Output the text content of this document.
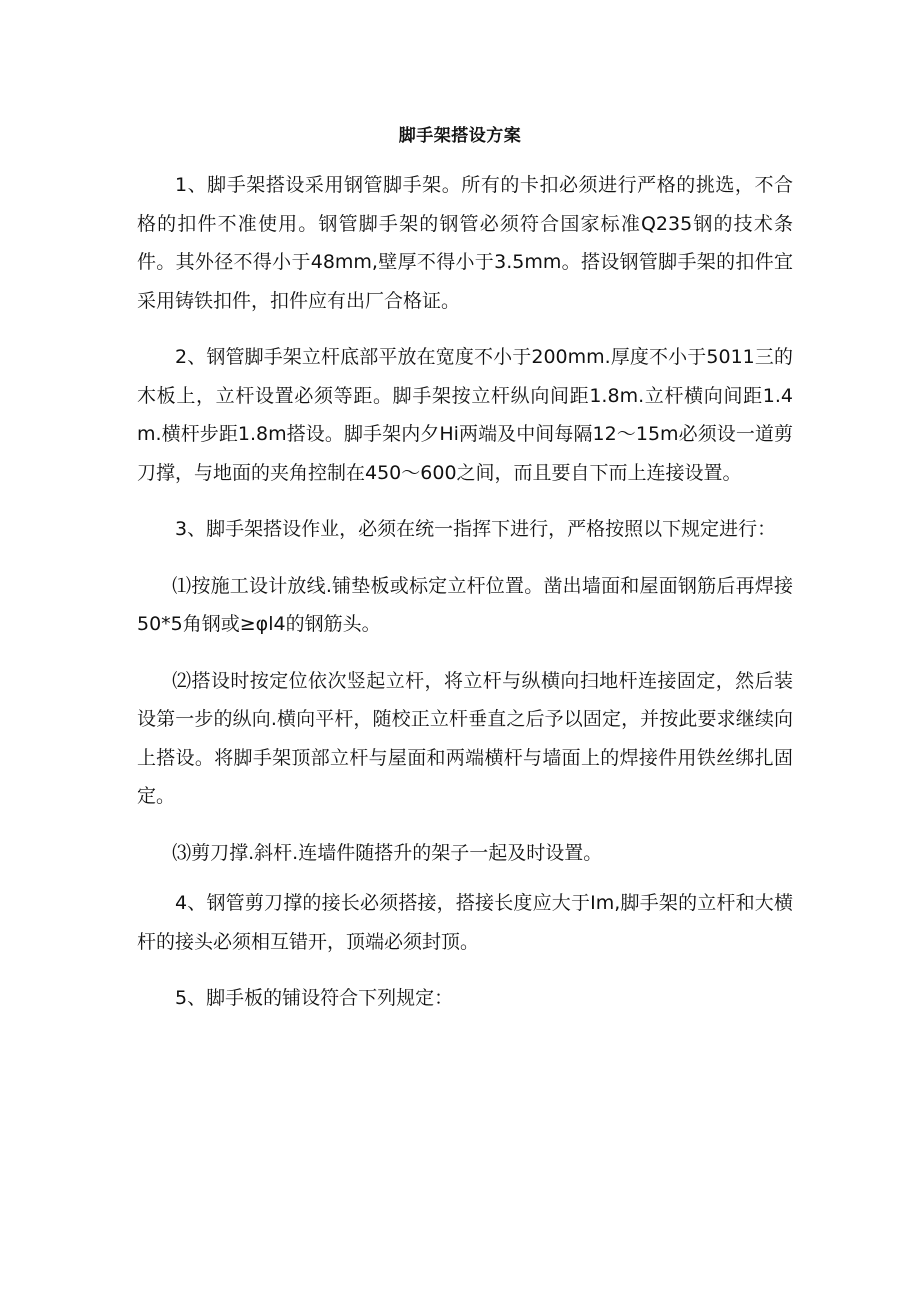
脚手架搭设方案

1、脚手架搭设采用钢管脚手架。所有的卡扣必须进行严格的挑选，不合格的扣件不准使用。钢管脚手架的钢管必须符合国家标准Q235钢的技术条件。其外径不得小于48mm,壁厚不得小于3.5mm。搭设钢管脚手架的扣件宜采用铸铁扣件，扣件应有出厂合格证。

2、钢管脚手架立杆底部平放在宽度不小于200mm.厚度不小于5011三的木板上，立杆设置必须等距。脚手架按立杆纵向间距1.8m.立杆横向间距1.4m.横杆步距1.8m搭设。脚手架内夕Hi两端及中间每隔12〜15m必须设一道剪刀撑，与地面的夹角控制在450〜600之间，而且要自下而上连接设置。

3、脚手架搭设作业，必须在统一指挥下进行，严格按照以下规定进行：

⑴按施工设计放线.铺垫板或标定立杆位置。凿出墙面和屋面钢筋后再焊接50*5角钢或≥φl4的钢筋头。

⑵搭设时按定位依次竖起立杆，将立杆与纵横向扫地杆连接固定，然后装设第一步的纵向.横向平杆，随校正立杆垂直之后予以固定，并按此要求继续向上搭设。将脚手架顶部立杆与屋面和两端横杆与墙面上的焊接件用铁丝绑扎固定。

⑶剪刀撑.斜杆.连墙件随搭升的架子一起及时设置。

4、钢管剪刀撑的接长必须搭接，搭接长度应大于Im,脚手架的立杆和大横杆的接头必须相互错开，顶端必须封顶。

5、脚手板的铺设符合下列规定：
